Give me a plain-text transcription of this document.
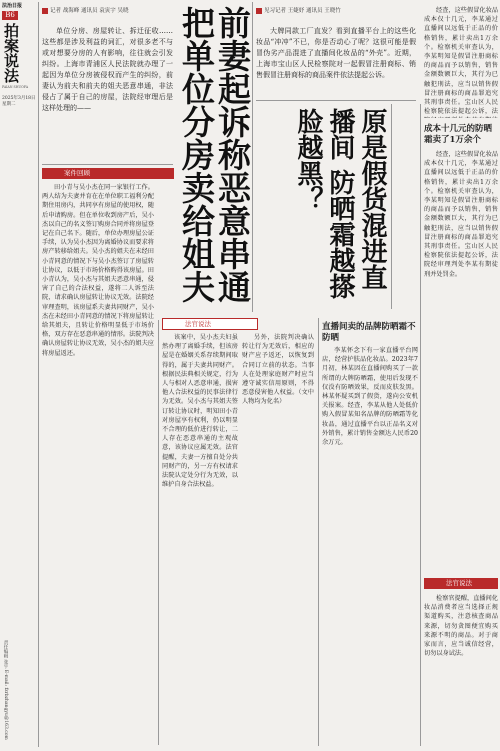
法治日报
B6
拍案说法
PAIAN SHUOFA
2025年3月18日
星期二
责任编辑 张宇 E-mail: fzrbzhangyu@163.com
记者 战海峰 通讯员 袁寅宇 吴晓	前妻起诉称恶意串通 把单位分房卖给姐夫

单位分房、房屋转让、拆迁征收……这些都是涉及利益的词汇，对很多老不与或对想要分房的人有影响，往往就会引发纠纷。上海市青浦区人民法院就办理了一起因为单位分房被侵权而产生的纠纷，前妻认为前夫和前夫的姐夫恶意串通，非法侵占了属于自己的房屋，法院经审理后是这样处理的——

案件回顾

田小青与吴小杰在同一家银行工作。两人结为夫妻并育在在单位职工福利分配期住用房内，共同享有房屋的使用权，随后申请购房。但在单位收到房产后，吴小杰以自己的名义签订购房合同并将房屋登记在自己名下。随后，单位办理房屋公证手续，认为吴小杰因为离婚协议而要求将房产转移给姐夫。吴小杰的姐夫在未经田小青同意的情况下与吴小杰签订了房屋转让协议，以低于市场价格购得该房屋。田小青认为，吴小杰与其姐夫恶意串通，侵害了自己的合法权益，遂将二人诉至法院，请求确认房屋转让协议无效。法院经审理查明，该房屋系夫妻共同财产，吴小杰在未经田小青同意的情况下将房屋转让给其姐夫，且转让价格明显低于市场价格，双方存在恶意串通的情形。法院判决确认房屋转让协议无效，吴小杰的姐夫应将房屋返还。

法官说法

该案中，吴小杰夫妇虽然办理了离婚手续，但该房屋是在婚姻关系存续期间取得的，属于夫妻共同财产。根据民法典相关规定，行为人与相对人恶意串通，损害他人合法权益的民事法律行为无效。吴小杰与其姐夫签订转让协议时，明知田小青对房屋享有权利，仍以明显不合理的低价进行转让，二人存在恶意串通的主观故意，该协议应属无效。法官提醒，夫妻一方擅自处分共同财产的，另一方有权请求法院认定处分行为无效，以维护自身合法权益。

另外，法院判决确认转让行为无效后，相应的财产应予返还，以恢复到合同订立前的状态。当事人在处理家庭财产时应当遵守诚实信用原则，不得恶意侵害他人权益。（文中人物均为化名）

见习记者 王婕妤 通讯员 王晓竹

大牌同款工厂直发？看到直播平台上的这些化妆品“冲冲”不已，你是否动心了呢？这很可能是假冒伪劣产品混进了直播间化妆品的“外壳”。近期，上海市宝山区人民检察院对一起假冒注册商标、销售假冒注册商标的商品案件依法提起公诉。

原是假货混进直播间 防晒霜越搽脸越黑？

直播间卖的品牌防晒霜不防晒

李某怀念下有一家直播平台网店，经营护肤品化妆品。2023年7月初，林某因在直播间购买了一款所谓的大牌防晒霜，使用后发现不仅没有防晒效果，反而皮肤发黑。林某怀疑买到了假货，遂向公安机关报案。经查，李某从他人处低价购入假冒某知名品牌的防晒霜等化妆品，通过直播平台以正品名义对外销售，累计销售金额达人民币20余万元。

经查，这些假冒化妆品成本仅十几元，李某通过直播间以远低于正品的价格销售，累计卖出1万余个。检察机关审查认为，李某明知是假冒注册商标的商品而予以销售，销售金额数额巨大，其行为已触犯刑法，应当以销售假冒注册商标的商品罪追究其刑事责任。宝山区人民检察院依法提起公诉，法

成本十几元的防晒霜卖了1万余个

经查，这些假冒化妆品成本仅十几元，李某通过直播间以远低于正品的价格销售，累计卖出1万余个。检察机关审查认为，李某明知是假冒注册商标的商品而予以销售，销售金额数额巨大，其行为已触犯刑法，应当以销售假冒注册商标的商品罪追究其刑事责任。宝山区人民检察院依法提起公诉，法院经审理判处李某有期徒刑并处罚金。

法官说法

检察官提醒，直播间化妆品消费者应当选择正规渠道购买，注意核查商品来源，切勿贪图便宜购买来源不明的商品。对于商家而言，应当诚信经营，切勿以身试法。
